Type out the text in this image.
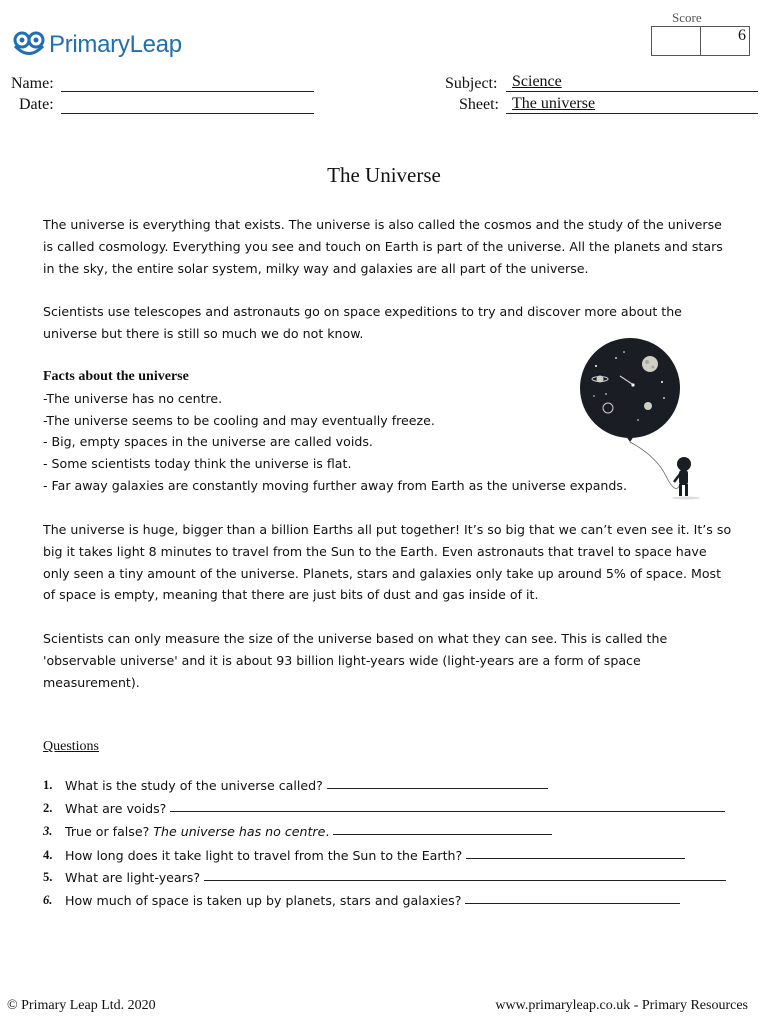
PrimaryLeap
Score
6
Name:
Date:
Subject: Science
Sheet: The universe
The Universe
The universe is everything that exists. The universe is also called the cosmos and the study of the universe is called cosmology. Everything you see and touch on Earth is part of the universe. All the planets and stars in the sky, the entire solar system, milky way and galaxies are all part of the universe.
Scientists use telescopes and astronauts go on space expeditions to try and discover more about the universe but there is still so much we do not know.
Facts about the universe
-The universe has no centre.
-The universe seems to be cooling and may eventually freeze.
- Big, empty spaces in the universe are called voids.
- Some scientists today think the universe is flat.
- Far away galaxies are constantly moving further away from Earth as the universe expands.
The universe is huge, bigger than a billion Earths all put together! It’s so big that we can’t even see it. It’s so big it takes light 8 minutes to travel from the Sun to the Earth. Even astronauts that travel to space have only seen a tiny amount of the universe. Planets, stars and galaxies only take up around 5% of space. Most of space is empty, meaning that there are just bits of dust and gas inside of it.
Scientists can only measure the size of the universe based on what they can see. This is called the 'observable universe' and it is about 93 billion light-years wide (light-years are a form of space measurement).
Questions
1. What is the study of the universe called?
2. What are voids?
3. True or false? The universe has no centre .
4. How long does it take light to travel from the Sun to the Earth?
5. What are light-years?
6. How much of space is taken up by planets, stars and galaxies?
© Primary Leap Ltd. 2020	www.primaryleap.co.uk - Primary Resources
